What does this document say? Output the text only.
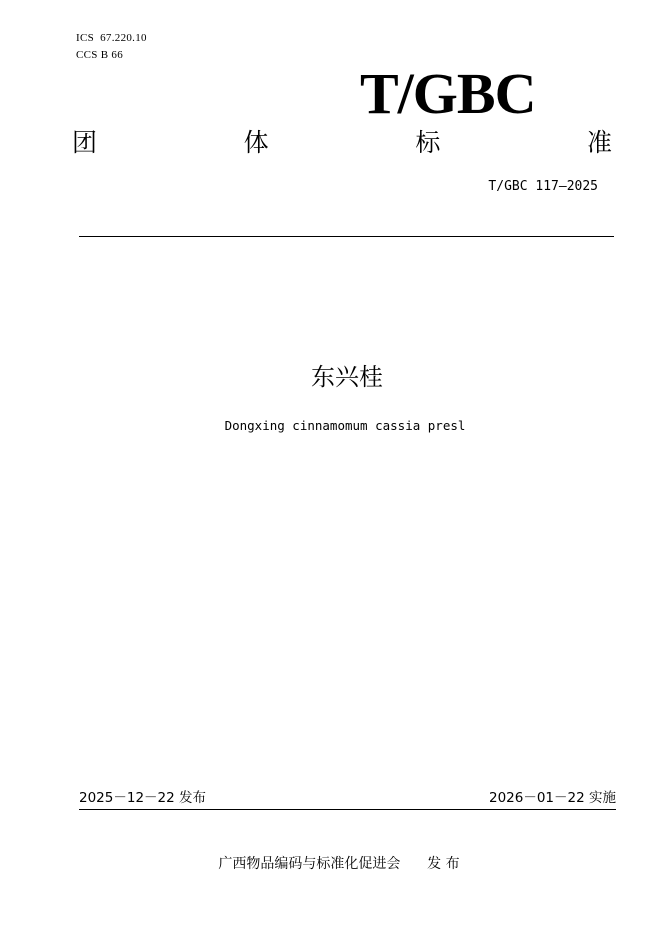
ICS  67.220.10
CCS B 66
T/GBC
团	体	标	准
T/GBC 117—2025
东兴桂
Dongxing cinnamomum cassia presl
2025－12－22 发布	2026－01－22 实施
广西物品编码与标准化促进会 发 布
